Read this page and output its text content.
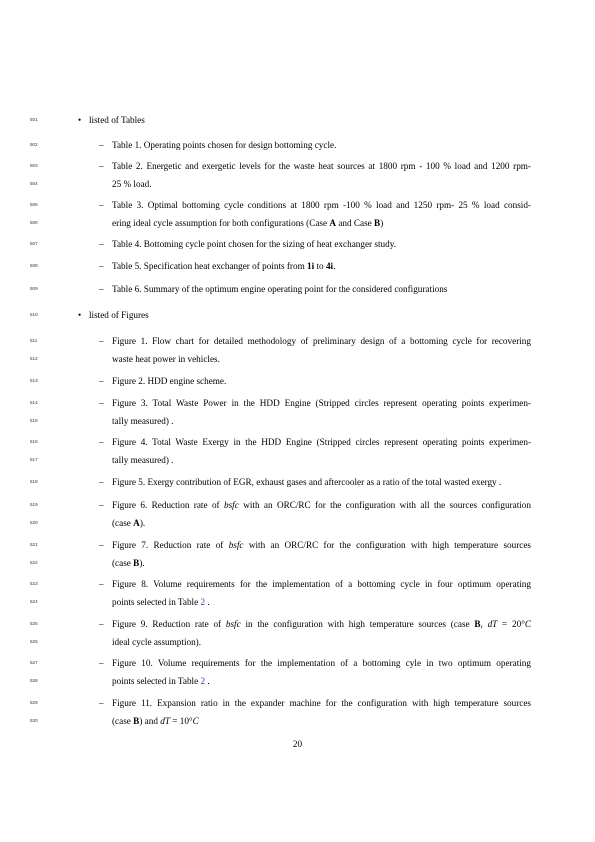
501	• listed of Tables
502	– Table 1. Operating points chosen for design bottoming cycle.
503	– Table 2. Energetic and exergetic levels for the waste heat sources at 1800 rpm - 100 % load and 1200 rpm-
504	25 % load.
505	– Table 3. Optimal bottoming cycle conditions at 1800 rpm -100 % load and 1250 rpm- 25 % load consid-
506	ering ideal cycle assumption for both configurations (Case A and Case B)
507	– Table 4. Bottoming cycle point chosen for the sizing of heat exchanger study.
508	– Table 5. Specification heat exchanger of points from 1i to 4i.
509	– Table 6. Summary of the optimum engine operating point for the considered configurations
510	• listed of Figures
511	– Figure 1. Flow chart for detailed methodology of preliminary design of a bottoming cycle for recovering
512	waste heat power in vehicles.
513	– Figure 2. HDD engine scheme.
514	– Figure 3. Total Waste Power in the HDD Engine (Stripped circles represent operating points experimen-
515	tally measured) .
516	– Figure 4. Total Waste Exergy in the HDD Engine (Stripped circles represent operating points experimen-
517	tally measured) .
518	– Figure 5. Exergy contribution of EGR, exhaust gases and aftercooler as a ratio of the total wasted exergy .
519	– Figure 6. Reduction rate of bsfc with an ORC/RC for the configuration with all the sources configuration
520	(case A).
521	– Figure 7. Reduction rate of bsfc with an ORC/RC for the configuration with high temperature sources
522	(case B).
523	– Figure 8. Volume requirements for the implementation of a bottoming cycle in four optimum operating
524	points selected in Table 2 .
525	– Figure 9. Reduction rate of bsfc in the configuration with high temperature sources (case B, dT = 20°C
526	ideal cycle assumption).
527	– Figure 10. Volume requirements for the implementation of a bottoming cyle in two optimum operating
528	points selected in Table 2 .
529	– Figure 11. Expansion ratio in the expander machine for the configuration with high temperature sources
530	(case B) and dT = 10°C
20
